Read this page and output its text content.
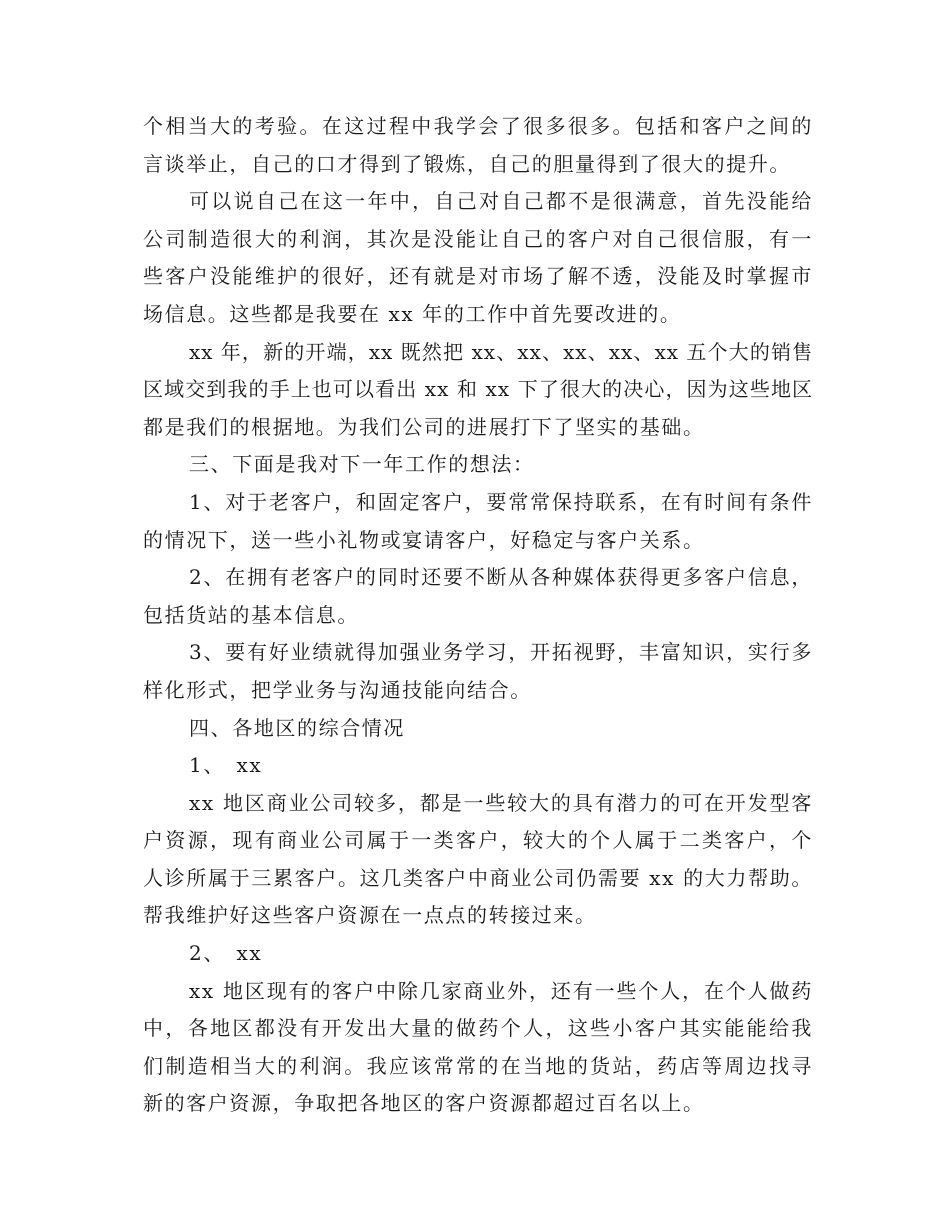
个相当大的考验。在这过程中我学会了很多很多。包括和客户之间的
言谈举止，自己的口才得到了锻炼，自己的胆量得到了很大的提升。
可以说自己在这一年中，自己对自己都不是很满意，首先没能给
公司制造很大的利润，其次是没能让自己的客户对自己很信服，有一
些客户没能维护的很好，还有就是对市场了解不透，没能及时掌握市
场信息。这些都是我要在 xx 年的工作中首先要改进的。
xx 年，新的开端，xx 既然把 xx、xx、xx、xx、xx 五个大的销售
区域交到我的手上也可以看出 xx 和 xx 下了很大的决心，因为这些地区
都是我们的根据地。为我们公司的进展打下了坚实的基础。
三、下面是我对下一年工作的想法：
1、对于老客户，和固定客户，要常常保持联系，在有时间有条件
的情况下，送一些小礼物或宴请客户，好稳定与客户关系。
2、在拥有老客户的同时还要不断从各种媒体获得更多客户信息，
包括货站的基本信息。
3、要有好业绩就得加强业务学习，开拓视野，丰富知识，实行多
样化形式，把学业务与沟通技能向结合。
四、各地区的综合情况
1、　xx
xx 地区商业公司较多，都是一些较大的具有潜力的可在开发型客
户资源，现有商业公司属于一类客户，较大的个人属于二类客户，个
人诊所属于三累客户。这几类客户中商业公司仍需要 xx 的大力帮助。
帮我维护好这些客户资源在一点点的转接过来。
2、　xx
xx 地区现有的客户中除几家商业外，还有一些个人，在个人做药
中，各地区都没有开发出大量的做药个人，这些小客户其实能能给我
们制造相当大的利润。我应该常常的在当地的货站，药店等周边找寻
新的客户资源，争取把各地区的客户资源都超过百名以上。
